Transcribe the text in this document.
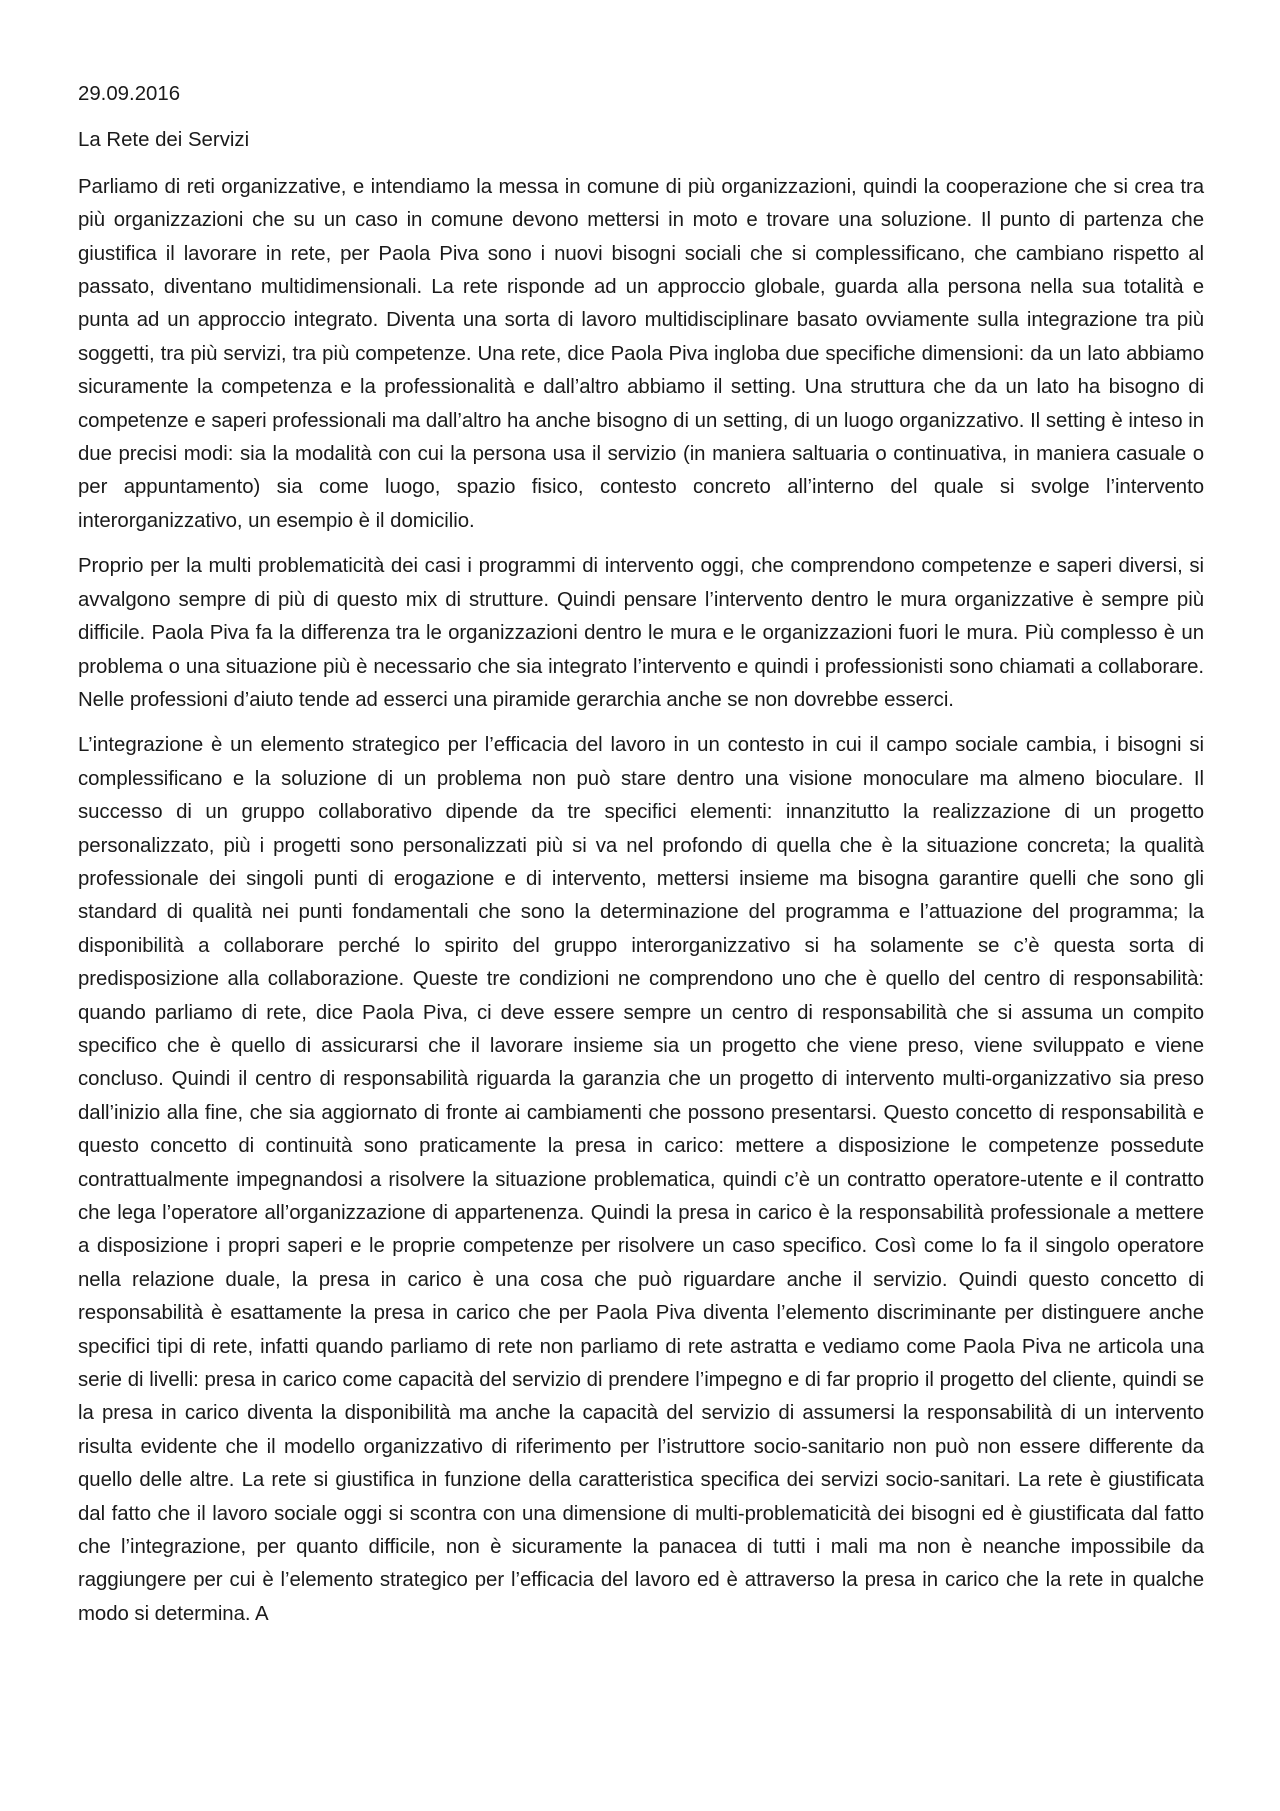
29.09.2016

La Rete dei Servizi

Parliamo di reti organizzative, e intendiamo la messa in comune di più organizzazioni, quindi la cooperazione che si crea tra più organizzazioni che su un caso in comune devono mettersi in moto e trovare una soluzione. Il punto di partenza che giustifica il lavorare in rete, per Paola Piva sono i nuovi bisogni sociali che si complessificano, che cambiano rispetto al passato, diventano multidimensionali. La rete risponde ad un approccio globale, guarda alla persona nella sua totalità e punta ad un approccio integrato. Diventa una sorta di lavoro multidisciplinare basato ovviamente sulla integrazione tra più soggetti, tra più servizi, tra più competenze. Una rete, dice Paola Piva ingloba due specifiche dimensioni: da un lato abbiamo sicuramente la competenza e la professionalità e dall’altro abbiamo il setting. Una struttura che da un lato ha bisogno di competenze e saperi professionali ma dall’altro ha anche bisogno di un setting, di un luogo organizzativo. Il setting è inteso in due precisi modi: sia la modalità con cui la persona usa il servizio (in maniera saltuaria o continuativa, in maniera casuale o per appuntamento) sia come luogo, spazio fisico, contesto concreto all’interno del quale si svolge l’intervento interorganizzativo, un esempio è il domicilio.

Proprio per la multi problematicità dei casi i programmi di intervento oggi, che comprendono competenze e saperi diversi, si avvalgono sempre di più di questo mix di strutture. Quindi pensare l’intervento dentro le mura organizzative è sempre più difficile. Paola Piva fa la differenza tra le organizzazioni dentro le mura e le organizzazioni fuori le mura. Più complesso è un problema o una situazione più è necessario che sia integrato l’intervento e quindi i professionisti sono chiamati a collaborare. Nelle professioni d’aiuto tende ad esserci una piramide gerarchia anche se non dovrebbe esserci.

L’integrazione è un elemento strategico per l’efficacia del lavoro in un contesto in cui il campo sociale cambia, i bisogni si complessificano e la soluzione di un problema non può stare dentro una visione monoculare ma almeno bioculare. Il successo di un gruppo collaborativo dipende da tre specifici elementi: innanzitutto la realizzazione di un progetto personalizzato, più i progetti sono personalizzati più si va nel profondo di quella che è la situazione concreta; la qualità professionale dei singoli punti di erogazione e di intervento, mettersi insieme ma bisogna garantire quelli che sono gli standard di qualità nei punti fondamentali che sono la determinazione del programma e l’attuazione del programma; la disponibilità a collaborare perché lo spirito del gruppo interorganizzativo si ha solamente se c’è questa sorta di predisposizione alla collaborazione. Queste tre condizioni ne comprendono uno che è quello del centro di responsabilità: quando parliamo di rete, dice Paola Piva, ci deve essere sempre un centro di responsabilità che si assuma un compito specifico che è quello di assicurarsi che il lavorare insieme sia un progetto che viene preso, viene sviluppato e viene concluso. Quindi il centro di responsabilità riguarda la garanzia che un progetto di intervento multi-organizzativo sia preso dall’inizio alla fine, che sia aggiornato di fronte ai cambiamenti che possono presentarsi. Questo concetto di responsabilità e questo concetto di continuità sono praticamente la presa in carico: mettere a disposizione le competenze possedute contrattualmente impegnandosi a risolvere la situazione problematica, quindi c’è un contratto operatore-utente e il contratto che lega l’operatore all’organizzazione di appartenenza. Quindi la presa in carico è la responsabilità professionale a mettere a disposizione i propri saperi e le proprie competenze per risolvere un caso specifico. Così come lo fa il singolo operatore nella relazione duale, la presa in carico è una cosa che può riguardare anche il servizio. Quindi questo concetto di responsabilità è esattamente la presa in carico che per Paola Piva diventa l’elemento discriminante per distinguere anche specifici tipi di rete, infatti quando parliamo di rete non parliamo di rete astratta e vediamo come Paola Piva ne articola una serie di livelli: presa in carico come capacità del servizio di prendere l’impegno e di far proprio il progetto del cliente, quindi se la presa in carico diventa la disponibilità ma anche la capacità del servizio di assumersi la responsabilità di un intervento risulta evidente che il modello organizzativo di riferimento per l’istruttore socio-sanitario non può non essere differente da quello delle altre. La rete si giustifica in funzione della caratteristica specifica dei servizi socio-sanitari. La rete è giustificata dal fatto che il lavoro sociale oggi si scontra con una dimensione di multi-problematicità dei bisogni ed è giustificata dal fatto che l’integrazione, per quanto difficile, non è sicuramente la panacea di tutti i mali ma non è neanche impossibile da raggiungere per cui è l’elemento strategico per l’efficacia del lavoro ed è attraverso la presa in carico che la rete in qualche modo si determina. A
